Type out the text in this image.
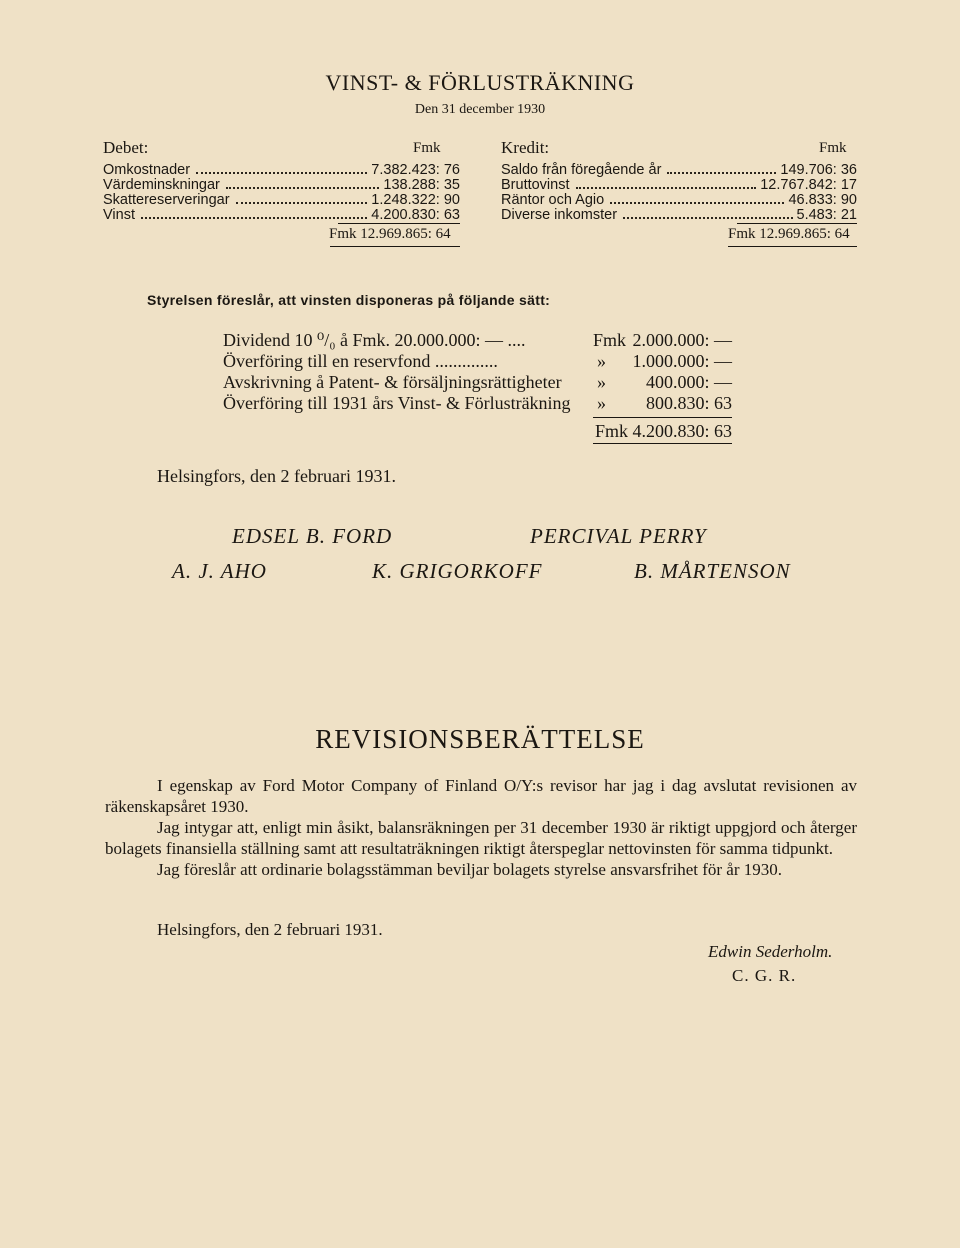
VINST- & FÖRLUSTRÄKNING
Den 31 december 1930
Debet:	Fmk
Omkostnader	7.382.423: 76
Värdeminskningar	138.288: 35
Skattereserveringar	1.248.322: 90
Vinst	4.200.830: 63
Fmk 12.969.865: 64
Kredit:	Fmk
Saldo från föregående år	149.706: 36
Bruttovinst	12.767.842: 17
Räntor och Agio	46.833: 90
Diverse inkomster	5.483: 21
Fmk 12.969.865: 64
Styrelsen föreslår, att vinsten disponeras på följande sätt:
Dividend 10 ⁰/₀ å Fmk. 20.000.000: — ....	Fmk 2.000.000: —
Överföring till en reservfond ..............	»	1.000.000: —
Avskrivning å Patent- & försäljningsrättigheter »	400.000: —
Överföring till 1931 års Vinst- & Förlusträkning »	800.830: 63
Fmk 4.200.830: 63
Helsingfors, den 2 februari 1931.
EDSEL B. FORD	PERCIVAL PERRY
A. J. AHO	K. GRIGORKOFF	B. MÅRTENSON
REVISIONSBERÄTTELSE

I egenskap av Ford Motor Company of Finland O/Y:s revisor har jag i dag avslutat revisionen av räkenskapsåret 1930.

Jag intygar att, enligt min åsikt, balansräkningen per 31 december 1930 är riktigt uppgjord och återger bolagets finansiella ställning samt att resultaträkningen riktigt återspeglar nettovinsten för samma tidpunkt.

Jag föreslår att ordinarie bolagsstämman beviljar bolagets styrelse ansvarsfrihet för år 1930.

Helsingfors, den 2 februari 1931.
Edwin Sederholm.
C. G. R.
